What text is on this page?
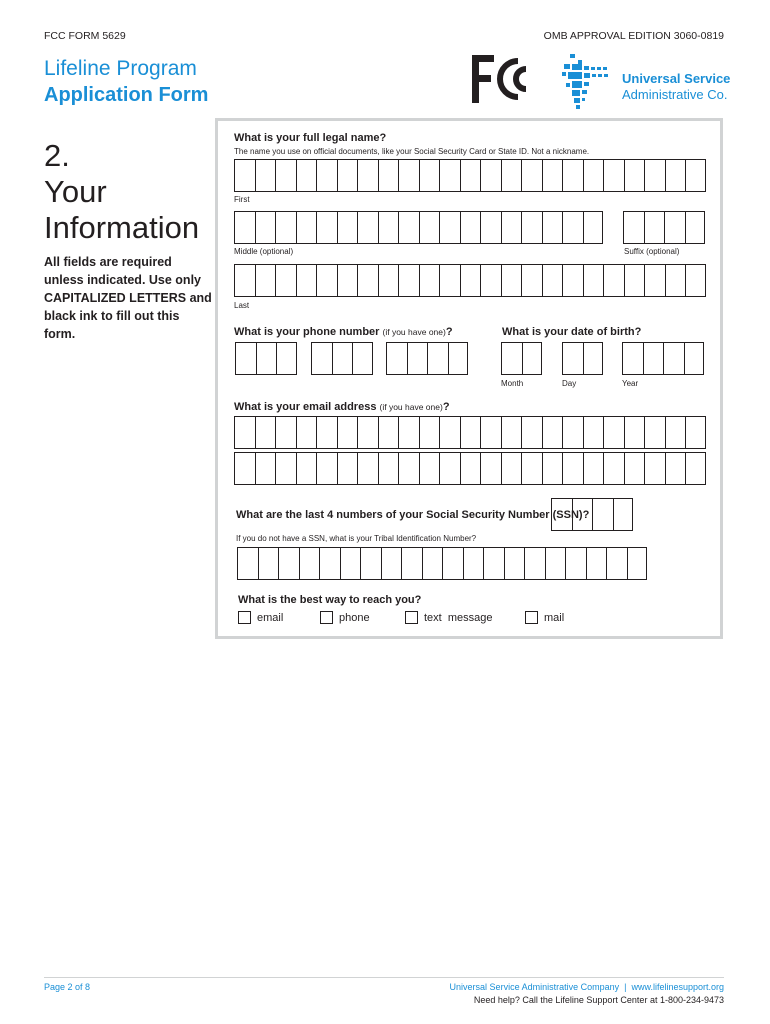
FCC FORM 5629	OMB APPROVAL EDITION 3060-0819
Lifeline Program
Application Form
Universal Service
Administrative Co.
2.
Your
Information
All fields are required unless indicated. Use only CAPITALIZED LETTERS and black ink to fill out this form.
What is your full legal name?
The name you use on official documents, like your Social Security Card or State ID. Not a nickname.
First
Middle (optional)	Suffix (optional)
Last
What is your phone number (if you have one)?	What is your date of birth?
Month	Day	Year
What is your email address (if you have one)?
What are the last 4 numbers of your Social Security Number (SSN)?
If you do not have a SSN, what is your Tribal Identification Number?
What is the best way to reach you?
email	phone	text  message	mail
Page 2 of 8	Universal Service Administrative Company  |  www.lifelinesupport.org
Need help? Call the Lifeline Support Center at 1-800-234-9473
